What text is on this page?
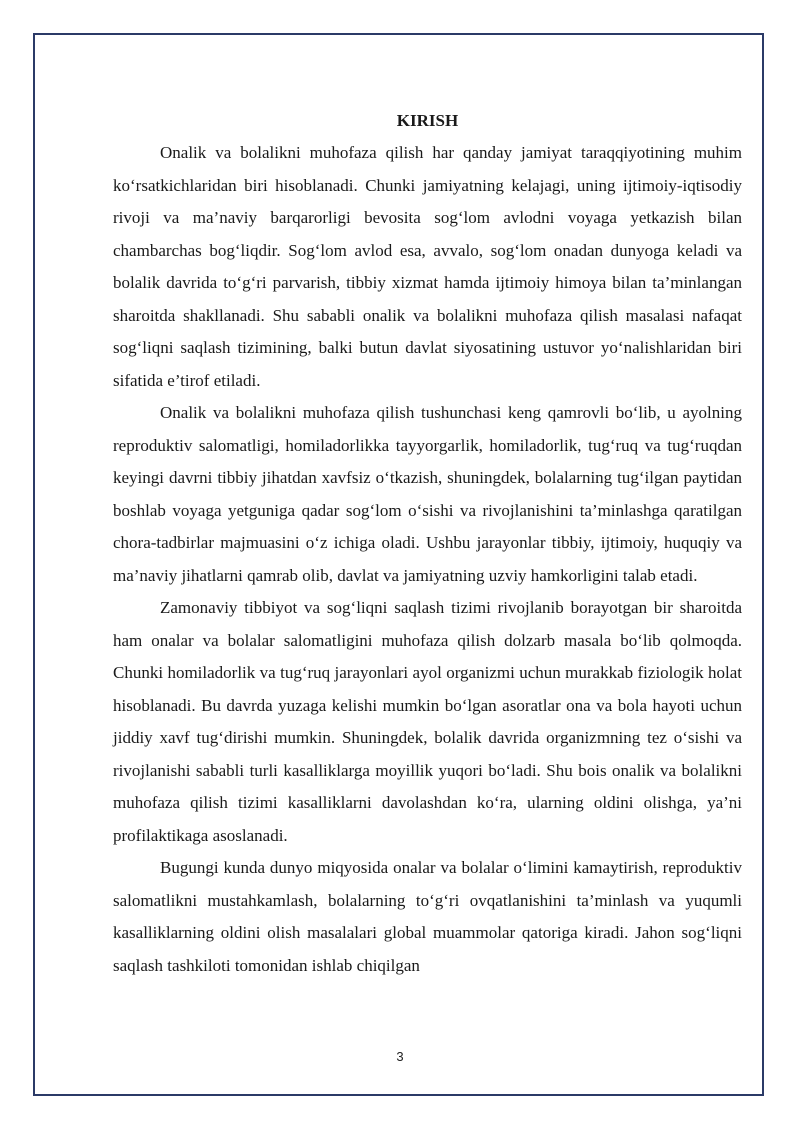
KIRISH

Onalik va bolalikni muhofaza qilish har qanday jamiyat taraqqiyotining muhim ko‘rsatkichlaridan biri hisoblanadi. Chunki jamiyatning kelajagi, uning ijtimoiy-iqtisodiy rivoji va ma’naviy barqarorligi bevosita sog‘lom avlodni voyaga yetkazish bilan chambarchas bog‘liqdir. Sog‘lom avlod esa, avvalo, sog‘lom onadan dunyoga keladi va bolalik davrida to‘g‘ri parvarish, tibbiy xizmat hamda ijtimoiy himoya bilan ta’minlangan sharoitda shakllanadi. Shu sababli onalik va bolalikni muhofaza qilish masalasi nafaqat sog‘liqni saqlash tizimining, balki butun davlat siyosatining ustuvor yo‘nalishlaridan biri sifatida e’tirof etiladi.

Onalik va bolalikni muhofaza qilish tushunchasi keng qamrovli bo‘lib, u ayolning reproduktiv salomatligi, homiladorlikka tayyorgarlik, homiladorlik, tug‘ruq va tug‘ruqdan keyingi davrni tibbiy jihatdan xavfsiz o‘tkazish, shuningdek, bolalarning tug‘ilgan paytidan boshlab voyaga yetguniga qadar sog‘lom o‘sishi va rivojlanishini ta’minlashga qaratilgan chora-tadbirlar majmuasini o‘z ichiga oladi. Ushbu jarayonlar tibbiy, ijtimoiy, huquqiy va ma’naviy jihatlarni qamrab olib, davlat va jamiyatning uzviy hamkorligini talab etadi.

Zamonaviy tibbiyot va sog‘liqni saqlash tizimi rivojlanib borayotgan bir sharoitda ham onalar va bolalar salomatligini muhofaza qilish dolzarb masala bo‘lib qolmoqda. Chunki homiladorlik va tug‘ruq jarayonlari ayol organizmi uchun murakkab fiziologik holat hisoblanadi. Bu davrda yuzaga kelishi mumkin bo‘lgan asoratlar ona va bola hayoti uchun jiddiy xavf tug‘dirishi mumkin. Shuningdek, bolalik davrida organizmning tez o‘sishi va rivojlanishi sababli turli kasalliklarga moyillik yuqori bo‘ladi. Shu bois onalik va bolalikni muhofaza qilish tizimi kasalliklarni davolashdan ko‘ra, ularning oldini olishga, ya’ni profilaktikaga asoslanadi.

Bugungi kunda dunyo miqyosida onalar va bolalar o‘limini kamaytirish, reproduktiv salomatlikni mustahkamlash, bolalarning to‘g‘ri ovqatlanishini ta’minlash va yuqumli kasalliklarning oldini olish masalalari global muammolar qatoriga kiradi. Jahon sog‘liqni saqlash tashkiloti tomonidan ishlab chiqilgan

3
